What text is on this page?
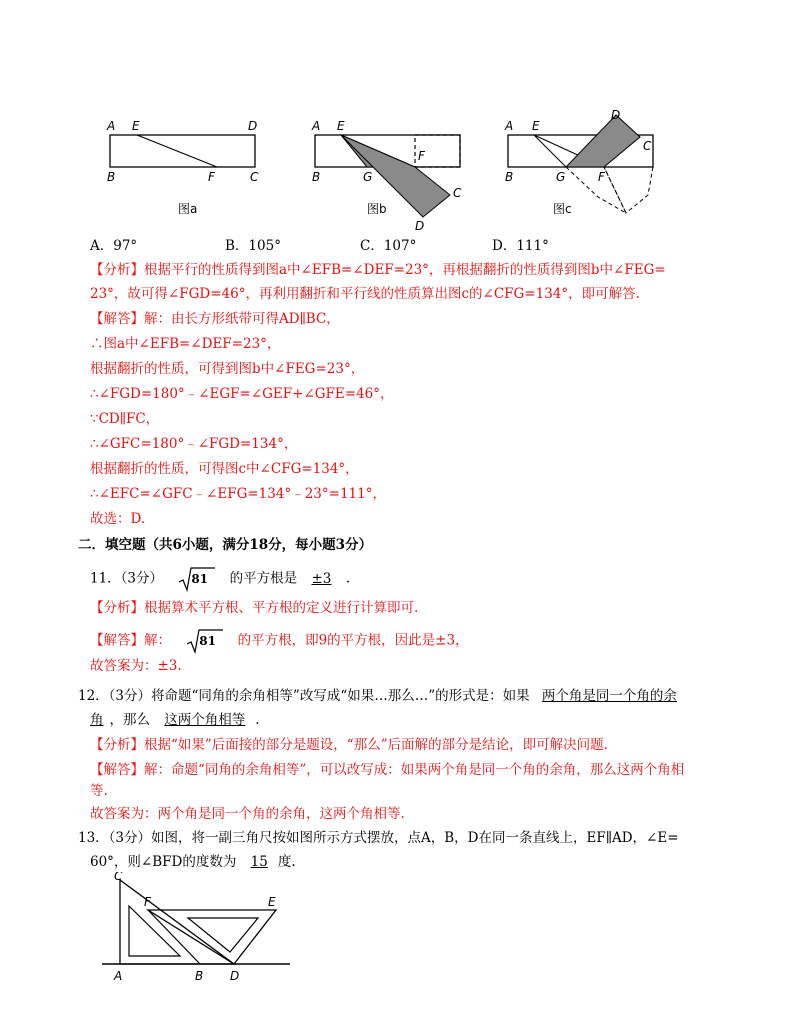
A E	D
B	F	C
图a
A E
F
B	G
C
D
图b
A E
D
C
B	G	F
图c
A．97°	B．105°	C．107°	D．111°
【分析】根据平行的性质得到图a中∠EFB=∠DEF=23°，再根据翻折的性质得到图b中∠FEG=
23°，故可得∠FGD=46°，再利用翻折和平行线的性质算出图c的∠CFG=134°，即可解答.
【解答】解：由长方形纸带可得AD∥BC，
∴图a中∠EFB=∠DEF=23°，
根据翻折的性质，可得到图b中∠FEG=23°，
∴∠FGD=180°﹣∠EGF=∠GEF+∠GFE=46°，
∵CD∥FC，
∴∠GFC=180°﹣∠FGD=134°，
根据翻折的性质，可得图c中∠CFG=134°，
∴∠EFC=∠GFC﹣∠EFG=134°﹣23°=111°，
故选：D.
二．填空题（共6小题，满分18分，每小题3分）
11．（3分） 81 的平方根是 ±3 .
【分析】根据算术平方根、平方根的定义进行计算即可.
【解答】解： 81 的平方根，即9的平方根，因此是±3，
故答案为：±3.
12．（3分）将命题“同角的余角相等”改写成“如果…那么…”的形式是：如果 两个角是同一个角的余
角 ，那么 这两个角相等 .
【分析】根据“如果”后面接的部分是题设，“那么”后面解的部分是结论，即可解决问题.
【解答】解：命题“同角的余角相等”，可以改写成：如果两个角是同一个角的余角，那么这两个角相
等.
故答案为：两个角是同一个角的余角，这两个角相等.
13．（3分）如图，将一副三角尺按如图所示方式摆放，点A，B，D在同一条直线上，EF∥AD，∠E=
60°，则∠BFD的度数为 15 度.
C
F	E
A	B D
